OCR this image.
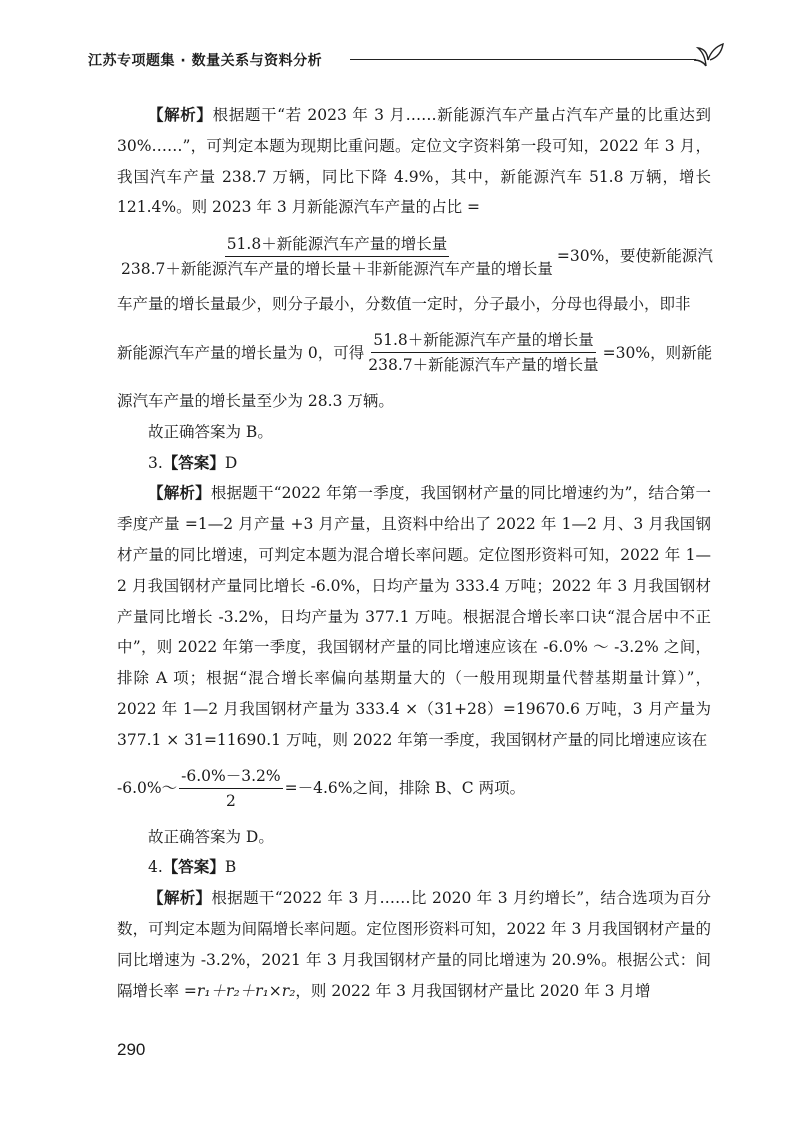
江苏专项题集 · 数量关系与资料分析

【解析】根据题干“若 2023 年 3 月……新能源汽车产量占汽车产量的比重达到 30%……”，可判定本题为现期比重问题。定位文字资料第一段可知，2022 年 3 月，我国汽车产量 238.7 万辆，同比下降 4.9%，其中，新能源汽车 51.8 万辆，增长 121.4%。则 2023 年 3 月新能源汽车产量的占比 =

$\frac{\text{51.8＋新能源汽车产量的增长量}}{\text{238.7＋新能源汽车产量的增长量＋非新能源汽车产量的增长量}} =30\%$，要使新能源汽

车产量的增长量最少，则分子最小，分数值一定时，分子最小，分母也得最小，即非

新能源汽车产量的增长量为 0，可得 $\frac{\text{51.8＋新能源汽车产量的增长量}}{\text{238.7＋新能源汽车产量的增长量}} =30\%$，则新能

源汽车产量的增长量至少为 28.3 万辆。

故正确答案为 B。

3.【答案】D

【解析】根据题干“2022 年第一季度，我国钢材产量的同比增速约为”，结合第一季度产量 =1—2 月产量 +3 月产量，且资料中给出了 2022 年 1—2 月、3 月我国钢材产量的同比增速，可判定本题为混合增长率问题。定位图形资料可知，2022 年 1—2 月我国钢材产量同比增长 -6.0%，日均产量为 333.4 万吨；2022 年 3 月我国钢材产量同比增长 -3.2%，日均产量为 377.1 万吨。根据混合增长率口诀“混合居中不正中”，则 2022 年第一季度，我国钢材产量的同比增速应该在 -6.0% ～ -3.2% 之间，排除 A 项；根据“混合增长率偏向基期量大的（一般用现期量代替基期量计算）”，2022 年 1—2 月我国钢材产量为 333.4 ×（31+28）=19670.6 万吨，3 月产量为 377.1 × 31=11690.1 万吨，则 2022 年第一季度，我国钢材产量的同比增速应该在

-6.0%～ $\frac{-6.0\%-3.2\%}{2} =-4.6\%$之间，排除 B、C 两项。

故正确答案为 D。

4.【答案】B

【解析】根据题干“2022 年 3 月……比 2020 年 3 月约增长”，结合选项为百分数，可判定本题为间隔增长率问题。定位图形资料可知，2022 年 3 月我国钢材产量的同比增速为 -3.2%，2021 年 3 月我国钢材产量的同比增速为 20.9%。根据公式：间隔增长率 =r₁＋r₂＋r₁×r₂，则 2022 年 3 月我国钢材产量比 2020 年 3 月增

290
